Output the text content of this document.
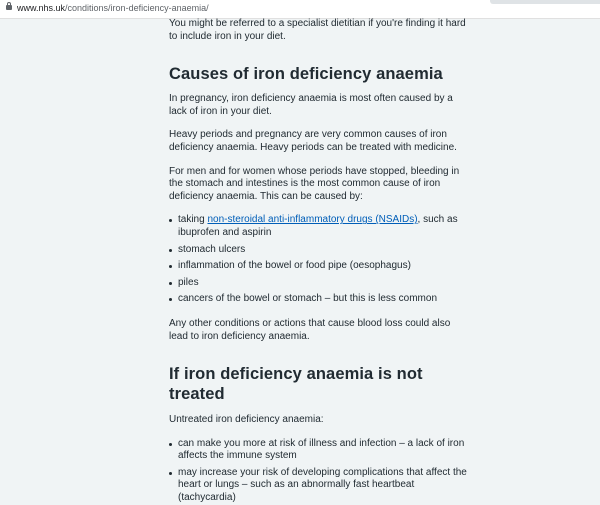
www.nhs.uk/conditions/iron-deficiency-anaemia/

You might be referred to a specialist dietitian if you're finding it hard to include iron in your diet.

Causes of iron deficiency anaemia

In pregnancy, iron deficiency anaemia is most often caused by a lack of iron in your diet.

Heavy periods and pregnancy are very common causes of iron deficiency anaemia. Heavy periods can be treated with medicine.

For men and for women whose periods have stopped, bleeding in the stomach and intestines is the most common cause of iron deficiency anaemia. This can be caused by:

taking non-steroidal anti-inflammatory drugs (NSAIDs), such as ibuprofen and aspirin
stomach ulcers
inflammation of the bowel or food pipe (oesophagus)
piles
cancers of the bowel or stomach – but this is less common

Any other conditions or actions that cause blood loss could also lead to iron deficiency anaemia.

If iron deficiency anaemia is not treated

Untreated iron deficiency anaemia:

can make you more at risk of illness and infection – a lack of iron affects the immune system
may increase your risk of developing complications that affect the heart or lungs – such as an abnormally fast heartbeat (tachycardia)
